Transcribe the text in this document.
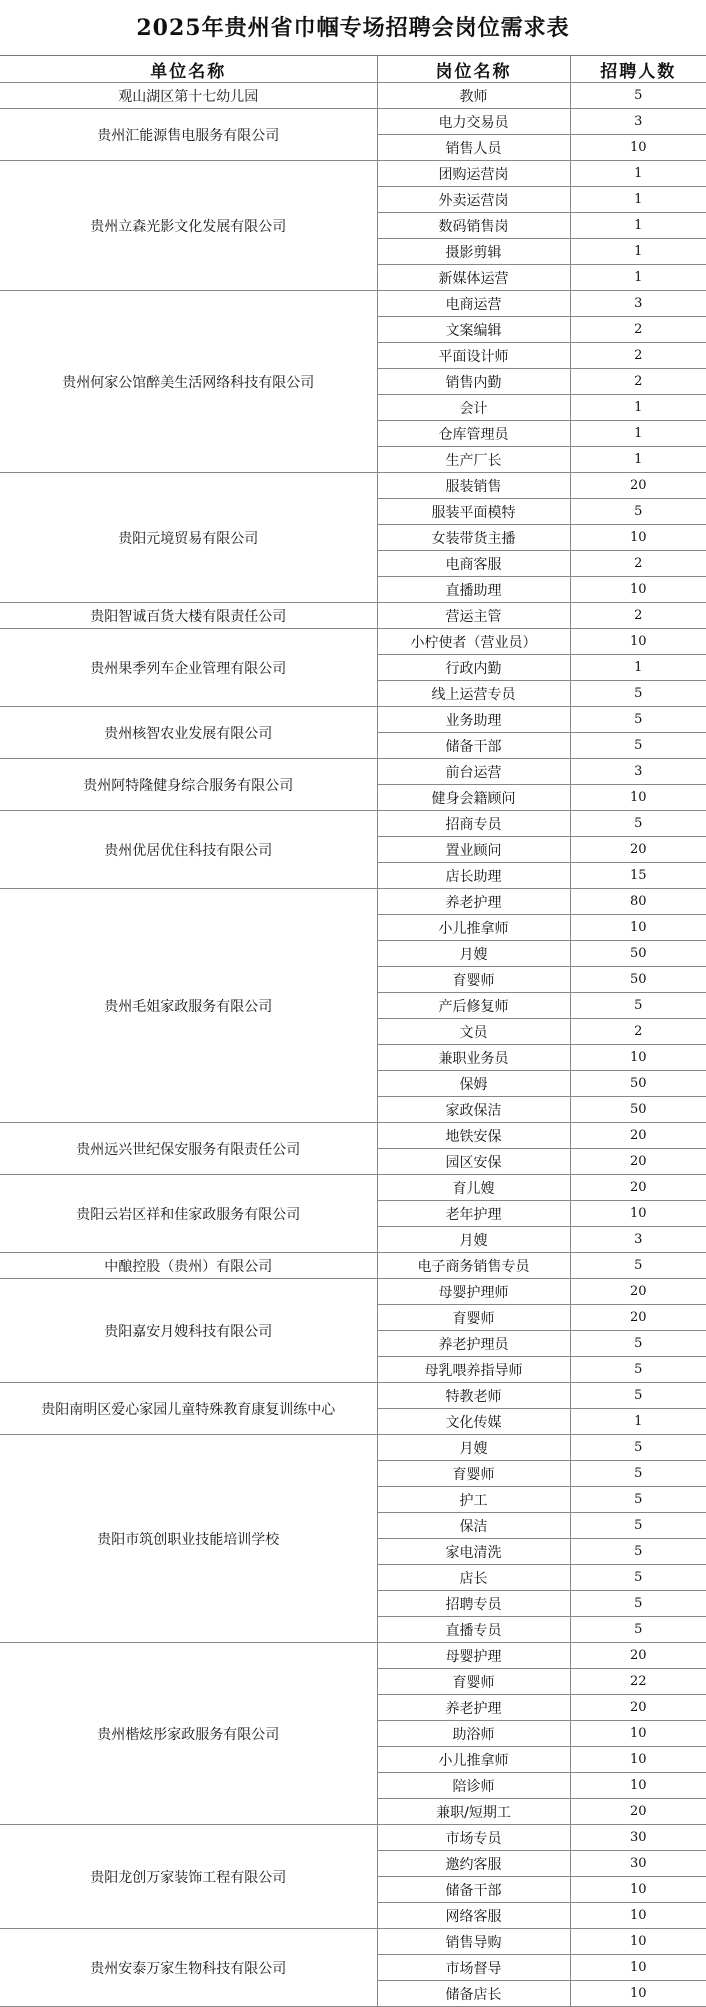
2025年贵州省巾帼专场招聘会岗位需求表
单位名称	岗位名称	招聘人数
观山湖区第十七幼儿园	教师	5
贵州汇能源售电服务有限公司	电力交易员	3
	销售人员	10
贵州立森光影文化发展有限公司	团购运营岗	1
	外卖运营岗	1
	数码销售岗	1
	摄影剪辑	1
	新媒体运营	1
贵州何家公馆醉美生活网络科技有限公司	电商运营	3
	文案编辑	2
	平面设计师	2
	销售内勤	2
	会计	1
	仓库管理员	1
	生产厂长	1
贵阳元境贸易有限公司	服装销售	20
	服装平面模特	5
	女装带货主播	10
	电商客服	2
	直播助理	10
贵阳智诚百货大楼有限责任公司	营运主管	2
贵州果季列车企业管理有限公司	小柠使者（营业员）	10
	行政内勤	1
	线上运营专员	5
贵州核智农业发展有限公司	业务助理	5
	储备干部	5
贵州阿特隆健身综合服务有限公司	前台运营	3
	健身会籍顾问	10
贵州优居优住科技有限公司	招商专员	5
	置业顾问	20
	店长助理	15
贵州毛姐家政服务有限公司	养老护理	80
	小儿推拿师	10
	月嫂	50
	育婴师	50
	产后修复师	5
	文员	2
	兼职业务员	10
	保姆	50
	家政保洁	50
贵州远兴世纪保安服务有限责任公司	地铁安保	20
	园区安保	20
贵阳云岩区祥和佳家政服务有限公司	育儿嫂	20
	老年护理	10
	月嫂	3
中酿控股（贵州）有限公司	电子商务销售专员	5
贵阳嘉安月嫂科技有限公司	母婴护理师	20
	育婴师	20
	养老护理员	5
	母乳喂养指导师	5
贵阳南明区爱心家园儿童特殊教育康复训练中心	特教老师	5
	文化传媒	1
贵阳市筑创职业技能培训学校	月嫂	5
	育婴师	5
	护工	5
	保洁	5
	家电清洗	5
	店长	5
	招聘专员	5
	直播专员	5
贵州楷炫彤家政服务有限公司	母婴护理	20
	育婴师	22
	养老护理	20
	助浴师	10
	小儿推拿师	10
	陪诊师	10
	兼职/短期工	20
贵阳龙创万家装饰工程有限公司	市场专员	30
	邀约客服	30
	储备干部	10
	网络客服	10
贵州安泰万家生物科技有限公司	销售导购	10
	市场督导	10
	储备店长	10
